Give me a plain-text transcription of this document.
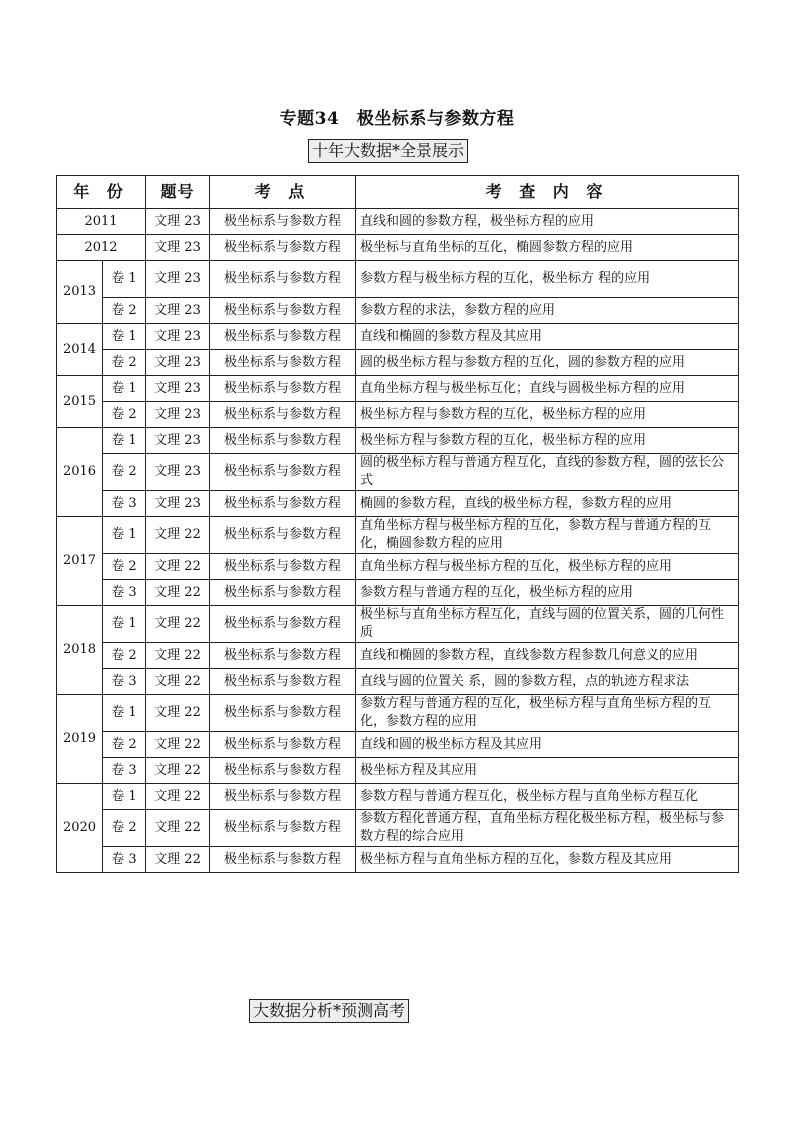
专题34　极坐标系与参数方程
十年大数据*全景展示
年 份		题号	考 点	考 查 内 容
2011		文理 23	极坐标系与参数方程	直线和圆的参数方程，极坐标方程的应用
2012		文理 23	极坐标系与参数方程	极坐标与直角坐标的互化，椭圆参数方程的应用
2013	卷 1	文理 23	极坐标系与参数方程	参数方程与极坐标方程的互化，极坐标方 程的应用
	卷 2	文理 23	极坐标系与参数方程	参数方程的求法，参数方程的应用
2014	卷 1	文理 23	极坐标系与参数方程	直线和椭圆的参数方程及其应用
	卷 2	文理 23	极坐标系与参数方程	圆的极坐标方程与参数方程的互化，圆的参数方程的应用
2015	卷 1	文理 23	极坐标系与参数方程	直角坐标方程与极坐标互化；直线与圆极坐标方程的应用
	卷 2	文理 23	极坐标系与参数方程	极坐标方程与参数方程的互化，极坐标方程的应用
2016	卷 1	文理 23	极坐标系与参数方程	极坐标方程与参数方程的互化，极坐标方程的应用
	卷 2	文理 23	极坐标系与参数方程	圆的极坐标方程与普通方程互化，直线的参数方程，圆的弦长公式
	卷 3	文理 23	极坐标系与参数方程	椭圆的参数方程，直线的极坐标方程，参数方程的应用
2017	卷 1	文理 22	极坐标系与参数方程	直角坐标方程与极坐标方程的互化，参数方程与普通方程的互化，椭圆参数方程的应用
	卷 2	文理 22	极坐标系与参数方程	直角坐标方程与极坐标方程的互化，极坐标方程的应用
	卷 3	文理 22	极坐标系与参数方程	参数方程与普通方程的互化，极坐标方程的应用
2018	卷 1	文理 22	极坐标系与参数方程	极坐标与直角坐标方程互化，直线与圆的位置关系，圆的几何性质
	卷 2	文理 22	极坐标系与参数方程	直线和椭圆的参数方程，直线参数方程参数几何意义的应用
	卷 3	文理 22	极坐标系与参数方程	直线与圆的位置关 系，圆的参数方程，点的轨迹方程求法
2019	卷 1	文理 22	极坐标系与参数方程	参数方程与普通方程的互化，极坐标方程与直角坐标方程的互化，参数方程的应用
	卷 2	文理 22	极坐标系与参数方程	直线和圆的极坐标方程及其应用
	卷 3	文理 22	极坐标系与参数方程	极坐标方程及其应用
2020	卷 1	文理 22	极坐标系与参数方程	参数方程与普通方程互化，极坐标方程与直角坐标方程互化
	卷 2	文理 22	极坐标系与参数方程	参数方程化普通方程，直角坐标方程化极坐标方程，极坐标与参数方程的综合应用
	卷 3	文理 22	极坐标系与参数方程	极坐标方程与直角坐标方程的互化，参数方程及其应用
大数据分析*预测高考
